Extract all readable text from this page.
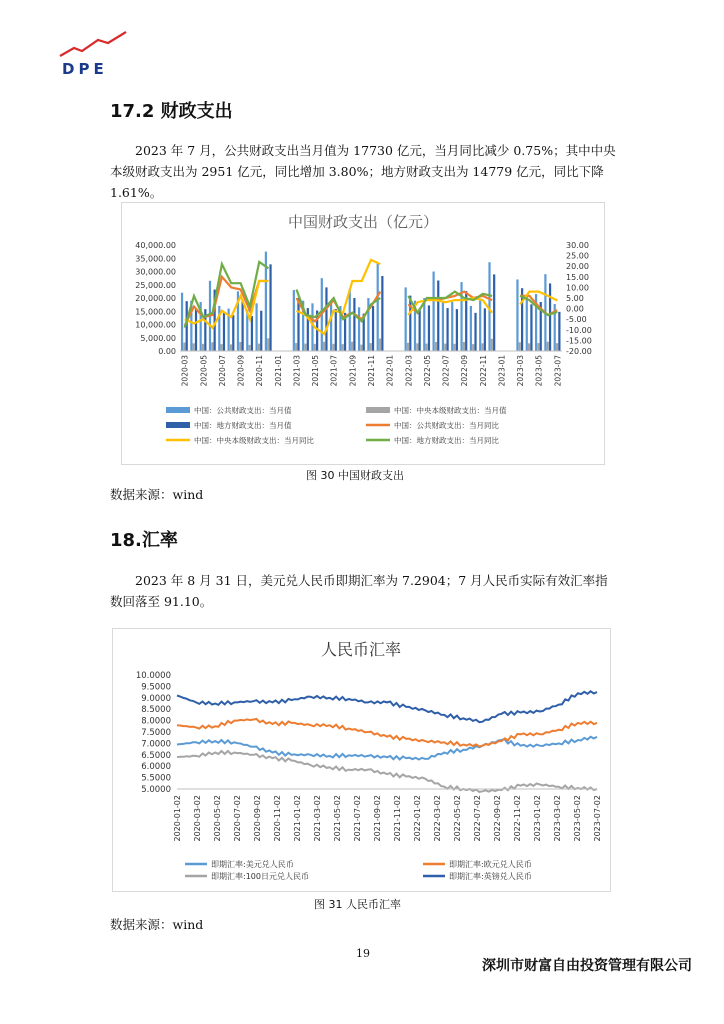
DPE
17.2 财政支出

2023 年 7 月，公共财政支出当月值为 17730 亿元，当月同比减少 0.75%；其中中央本级财政支出为 2951 亿元，同比增加 3.80%；地方财政支出为 14779 亿元，同比下降 1.61%。

中国财政支出（亿元）
40,000.00
35,000.00
30,000.00
25,000.00
20,000.00
15,000.00
10,000.00
5,000.00
0.00
30.00
25.00
20.00
15.00
10.00
5.00
0.00
-5.00
-10.00
-15.00
-20.00
2020-03 2020-05 2020-07 2020-09 2020-11 2021-01 2021-03 2021-05 2021-07 2021-09 2021-11 2022-01 2022-03 2022-05 2022-07 2022-09 2022-11 2023-01 2023-03 2023-05 2023-07
中国：公共财政支出：当月值	中国：中央本级财政支出：当月值
中国：地方财政支出：当月值	中国：公共财政支出：当月同比
中国：中央本级财政支出：当月同比	中国：地方财政支出：当月同比
图 30 中国财政支出
数据来源：wind
18.汇率

2023 年 8 月 31 日，美元兑人民币即期汇率为 7.2904；7 月人民币实际有效汇率指数回落至 91.10。

人民币汇率
10.0000
9.5000
9.0000
8.5000
8.0000
7.5000
7.0000
6.5000
6.0000
5.5000
5.0000
2020-01-02 2020-03-02 2020-05-02 2020-07-02 2020-09-02 2020-11-02 2021-01-02 2021-03-02 2021-05-02 2021-07-02 2021-09-02 2021-11-02 2022-01-02 2022-03-02 2022-05-02 2022-07-02 2022-09-02 2022-11-02 2023-01-02 2023-03-02 2023-05-02 2023-07-02
即期汇率:美元兑人民币	即期汇率:欧元兑人民币
即期汇率:100日元兑人民币	即期汇率:英镑兑人民币
图 31 人民币汇率
数据来源：wind
19
深圳市财富自由投资管理有限公司
